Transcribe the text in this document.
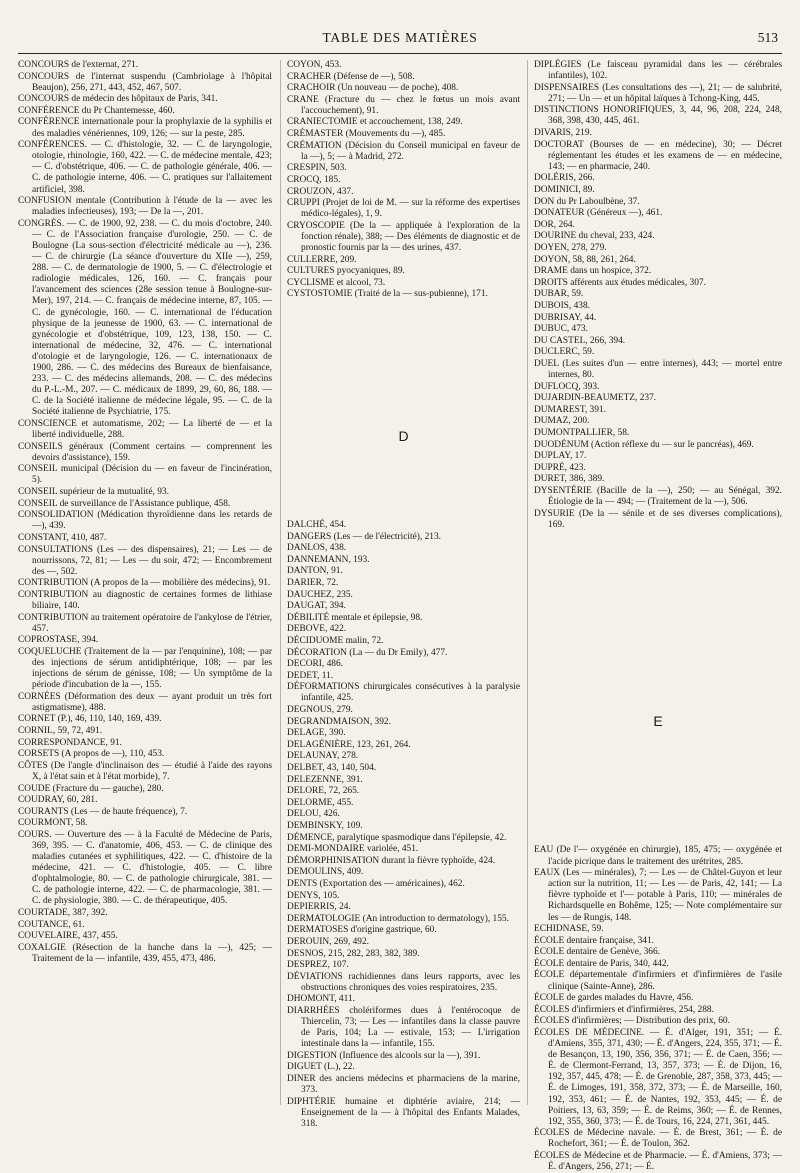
TABLE DES MATIÈRES	513

CONCOURS de l'externat, 271.

CONCOURS de l'internat suspendu (Cambriolage à l'hôpital Beaujon), 256, 271, 443, 452, 467, 507.

CONCOURS de médecin des hôpitaux de Paris, 341.

CONFÉRENCE du Pr Chantemesse, 460.

CONFÉRENCE internationale pour la prophylaxie de la syphilis et des maladies vénériennes, 109, 126; — sur la peste, 285.

CONFÉRENCES. — C. d'histologie, 32. — C. de laryngologie, otologie, rhinologie, 160, 422. — C. de médecine mentale, 423;— C. d'obstétrique, 406. — C. de pathologie générale, 406. — C. de pathologie interne, 406. — C. pratiques sur l'allaitement artificiel, 398.

CONFUSION mentale (Contribution à l'étude de la — avec les maladies infectieuses), 193; — De la —, 201.

CONGRÈS. — C. de 1900, 92, 238. — C. du mois d'octobre, 240. — C. de l'Association française d'urologie, 250. — C. de Boulogne (La sous-section d'électricité médicale au —), 236. — C. de chirurgie (La séance d'ouverture du XIIe —), 259, 288. — C. de dermatologie de 1900, 5. — C. d'électrologie et radiologie médicales, 126, 160. — C. français pour l'avancement des sciences (28e session tenue à Boulogne-sur-Mer), 197, 214. — C. français de médecine interne, 87, 105. — C. de gynécologie, 160. — C. international de l'éducation physique de la jeunesse de 1900, 63. — C. international de gynécologie et d'obstétrique, 109, 123, 138, 150. — C. international de médecine, 32, 476. — C. international d'otologie et de laryngologie, 126. — C. internationaux de 1900, 286. — C. des médecins des Bureaux de bienfaisance, 233. — C. des médecins allemands, 208. — C. des médecins du P.-L.-M., 207. — C. médicaux de 1899, 29, 60, 86, 188. — C. de la Société italienne de médecine légale, 95. — C. de la Société italienne de Psychiatrie, 175.

CONSCIENCE et automatisme, 202; — La liberté de — et la liberté individuelle, 288.

CONSEILS généraux (Comment certains — comprennent les devoirs d'assistance), 159.

CONSEIL municipal (Décision du — en faveur de l'incinération, 5).

CONSEIL supérieur de la mutualité, 93.

CONSEIL de surveillance de l'Assistance publique, 458.

CONSOLIDATION (Médication thyroïdienne dans les retards de —), 439.

CONSTANT, 410, 487.

CONSULTATIONS (Les — des dispensaires), 21; — Les — de nourrissons, 72, 81; — Les — du soir, 472; — Encombrement des —, 502.

CONTRIBUTION (A propos de la — mobilière des médecins), 91.

CONTRIBUTION au diagnostic de certaines formes de lithiase biliaire, 140.

CONTRIBUTION au traitement opératoire de l'ankylose de l'étrier, 457.

COPROSTASE, 394.

COQUELUCHE (Traitement de la — par l'enquinine), 108; — par des injections de sérum antidiphtérique, 108; — par les injections de sérum de génisse, 108; — Un symptôme de la période d'incubation de la —, 155.

CORNÉES (Déformation des deux — ayant produit un très fort astigmatisme), 488.

CORNET (P.), 46, 110, 140, 169, 439.

CORNIL, 59, 72, 491.

CORRESPONDANCE, 91.

CORSETS (A propos de —), 110, 453.

CÔTES (De l'angle d'inclinaison des — étudié à l'aide des rayons X, à l'état sain et à l'état morbide), 7.

COUDE (Fracture du — gauche), 280.

COUDRAY, 60, 281.

COURANTS (Les — de haute fréquence), 7.

COURMONT, 58.

COURS. — Ouverture des — à la Faculté de Médecine de Paris, 369, 395. — C. d'anatomie, 406, 453. — C. de clinique des maladies cutanées et syphilitiques, 422. — C. d'histoire de la médecine, 421. — C. d'histologie, 405. — C. libre d'ophtalmologie, 80. — C. de pathologie chirurgicale, 381. — C. de pathologie interne, 422. — C. de pharmacologie, 381. — C. de physiologie, 380. — C. de thérapeutique, 405.

COURTADE, 387, 392.

COUTANCE, 61.

COUVELAIRE, 437, 455.

COXALGIE (Résection de la hanche dans la —), 425; — Traitement de la — infantile, 439, 455, 473, 486.

COYON, 453.

CRACHER (Défense de —), 508.

CRACHOIR (Un nouveau — de poche), 408.

CRANE (Fracture du — chez le fœtus un mois avant l'accouchement), 91.

CRANIECTOMIE et accouchement, 138, 249.

CRÉMASTER (Mouvements du —), 485.

CRÉMATION (Décision du Conseil municipal en faveur de la —), 5; — à Madrid, 272.

CRESPIN, 503.

CROCQ, 185.

CROUZON, 437.

CRUPPI (Projet de loi de M. — sur la réforme des expertises médico-légales), 1, 9.

CRYOSCOPIE (De la — appliquée à l'exploration de la fonction rénale), 388; — Des éléments de diagnostic et de pronostic fournis par la — des urines, 437.

CULLERRE, 209.

CULTURES pyocyaniques, 89.

CYCLISME et alcool, 73.

CYSTOSTOMIE (Traité de la — sus-pubienne), 171.

D

DALCHÉ, 454.

DANGERS (Les — de l'électricité), 213.

DANLOS, 438.

DANNEMANN, 193.

DANTON, 91.

DARIER, 72.

DAUCHEZ, 235.

DAUGAT, 394.

DÉBILITÉ mentale et épilepsie, 98.

DEBOVE, 422.

DÉCIDUOME malin, 72.

DÉCORATION (La — du Dr Emily), 477.

DECORI, 486.

DEDET, 11.

DÉFORMATIONS chirurgicales consécutives à la paralysie infantile, 425.

DEGNOUS, 279.

DEGRANDMAISON, 392.

DELAGE, 390.

DELAGÉNIÈRE, 123, 261, 264.

DELAUNAY, 278.

DELBET, 43, 140, 504.

DELEZENNE, 391.

DELORE, 72, 265.

DELORME, 455.

DELOU, 426.

DEMBINSKY, 109.

DÉMENCE, paralytique spasmodique dans l'épilepsie, 42.

DEMI-MONDAIRE variolée, 451.

DÉMORPHINISATION durant la fièvre typhoïde, 424.

DEMOULINS, 409.

DENTS (Exportation des — américaines), 462.

DENYS, 105.

DEPIERRIS, 24.

DERMATOLOGIE (An introduction to dermatology), 155.

DERMATOSES d'origine gastrique, 60.

DEROUIN, 269, 492.

DESNOS, 215, 282, 283, 382, 389.

DESPREZ, 107.

DÉVIATIONS rachidiennes dans leurs rapports, avec les obstructions chroniques des voies respiratoires, 235.

DHOMONT, 411.

DIARRHÉES cholériformes dues à l'entérocoque de Thiercelin, 73; — Les — infantiles dans la classe pauvre de Paris, 104; La — estivale, 153; — L'irrigation intestinale dans la — infantile, 155.

DIGESTION (Influence des alcools sur la —), 391.

DIGUET (L.), 22.

DINER des anciens médecins et pharmaciens de la marine, 373.

DIPHTÉRIE humaine et diphtérie aviaire, 214; — Enseignement de la — à l'hôpital des Enfants Malades, 318.

DIPLÉGIES (Le faisceau pyramidal dans les — cérébrales infantiles), 102.

DISPENSAIRES (Les consultations des —), 21; — de salubrité, 271; — Un — et un hôpital laïques à Tchong-King, 445.

DISTINCTIONS HONORIFIQUES, 3, 44, 96, 208, 224, 248, 368, 398, 430, 445, 461.

DIVARIS, 219.

DOCTORAT (Bourses de — en médecine), 30; — Décret réglementant les études et les examens de — en médecine, 143; — en pharmacie, 240.

DOLÉRIS, 266.

DOMINICI, 89.

DON du Pr Laboulbène, 37.

DONATEUR (Généreux —), 461.

DOR, 264.

DOURINE du cheval, 233, 424.

DOYEN, 278, 279.

DOYON, 58, 88, 261, 264.

DRAME dans un hospice, 372.

DROITS afférents aux études médicales, 307.

DUBAR, 59.

DUBOIS, 438.

DUBRISAY, 44.

DUBUC, 473.

DU CASTEL, 266, 394.

DUCLERC, 59.

DUEL (Les suites d'un — entre internes), 443; — mortel entre internes, 80.

DUFLOCQ, 393.

DUJARDIN-BEAUMETZ, 237.

DUMAREST, 391.

DUMAZ, 200.

DUMONTPALLIER, 58.

DUODÉNUM (Action réflexe du — sur le pancréas), 469.

DUPLAY, 17.

DUPRÉ, 423.

DURET, 386, 389.

DYSENTÉRIE (Bacille de la —), 250; — au Sénégal, 392. Étiologie de la — 494; — (Traitement de la —), 506.

DYSURIE (De la — sénile et de ses diverses complications), 169.

E

EAU (De l'— oxygénée en chirurgie), 185, 475; — oxygénée et l'acide picrique dans le traitement des urétrites, 285.

EAUX (Les — minérales), 7; — Les — de Châtel-Guyon et leur action sur la nutrition, 11; — Les — de Paris, 42, 141; — La fièvre typhoïde et l'— potable à Paris, 110; — minérales de Richardsquelle en Bohême, 125; — Note complémentaire sur les — de Rungis, 148.

ECHIDNASE, 59.

ÉCOLE dentaire française, 341.

ÉCOLE dentaire de Genève, 366.

ÉCOLE dentaire de Paris, 340, 442.

ÉCOLE départementale d'infirmiers et d'infirmières de l'asile clinique (Sainte-Anne), 286.

ÉCOLE de gardes malades du Havre, 456.

ÉCOLES d'infirmiers et d'infirmières, 254, 288.

ÉCOLES d'infirmières; — Distribution des prix, 60.

ÉCOLES DE MÉDECINE. — É. d'Alger, 191, 351; — É. d'Amiens, 355, 371, 430; — É. d'Angers, 224, 355, 371; — É. de Besançon, 13, 190, 356, 356, 371; — É. de Caen, 356; — É. de Clermont-Ferrand, 13, 357, 373; — É. de Dijon, 16, 192, 357, 445, 478; — É. de Grenoble, 287, 358, 373, 445; — É. de Limoges, 191, 358, 372, 373; — É. de Marseille, 160, 192, 353, 461; — É. de Nantes, 192, 353, 445; — É. de Poitiers, 13, 63, 359; — É. de Reims, 360; — É. de Rennes, 192, 355, 360, 373; — É. de Tours, 16, 224, 271, 361, 445.

ÉCOLES de Médecine navale. — É. de Brest, 361; — É. de Rochefort, 361; — É. de Toulon, 362.

ÉCOLES de Médecine et de Pharmacie. — É. d'Amiens, 373; — É. d'Angers, 256, 271; — É.
